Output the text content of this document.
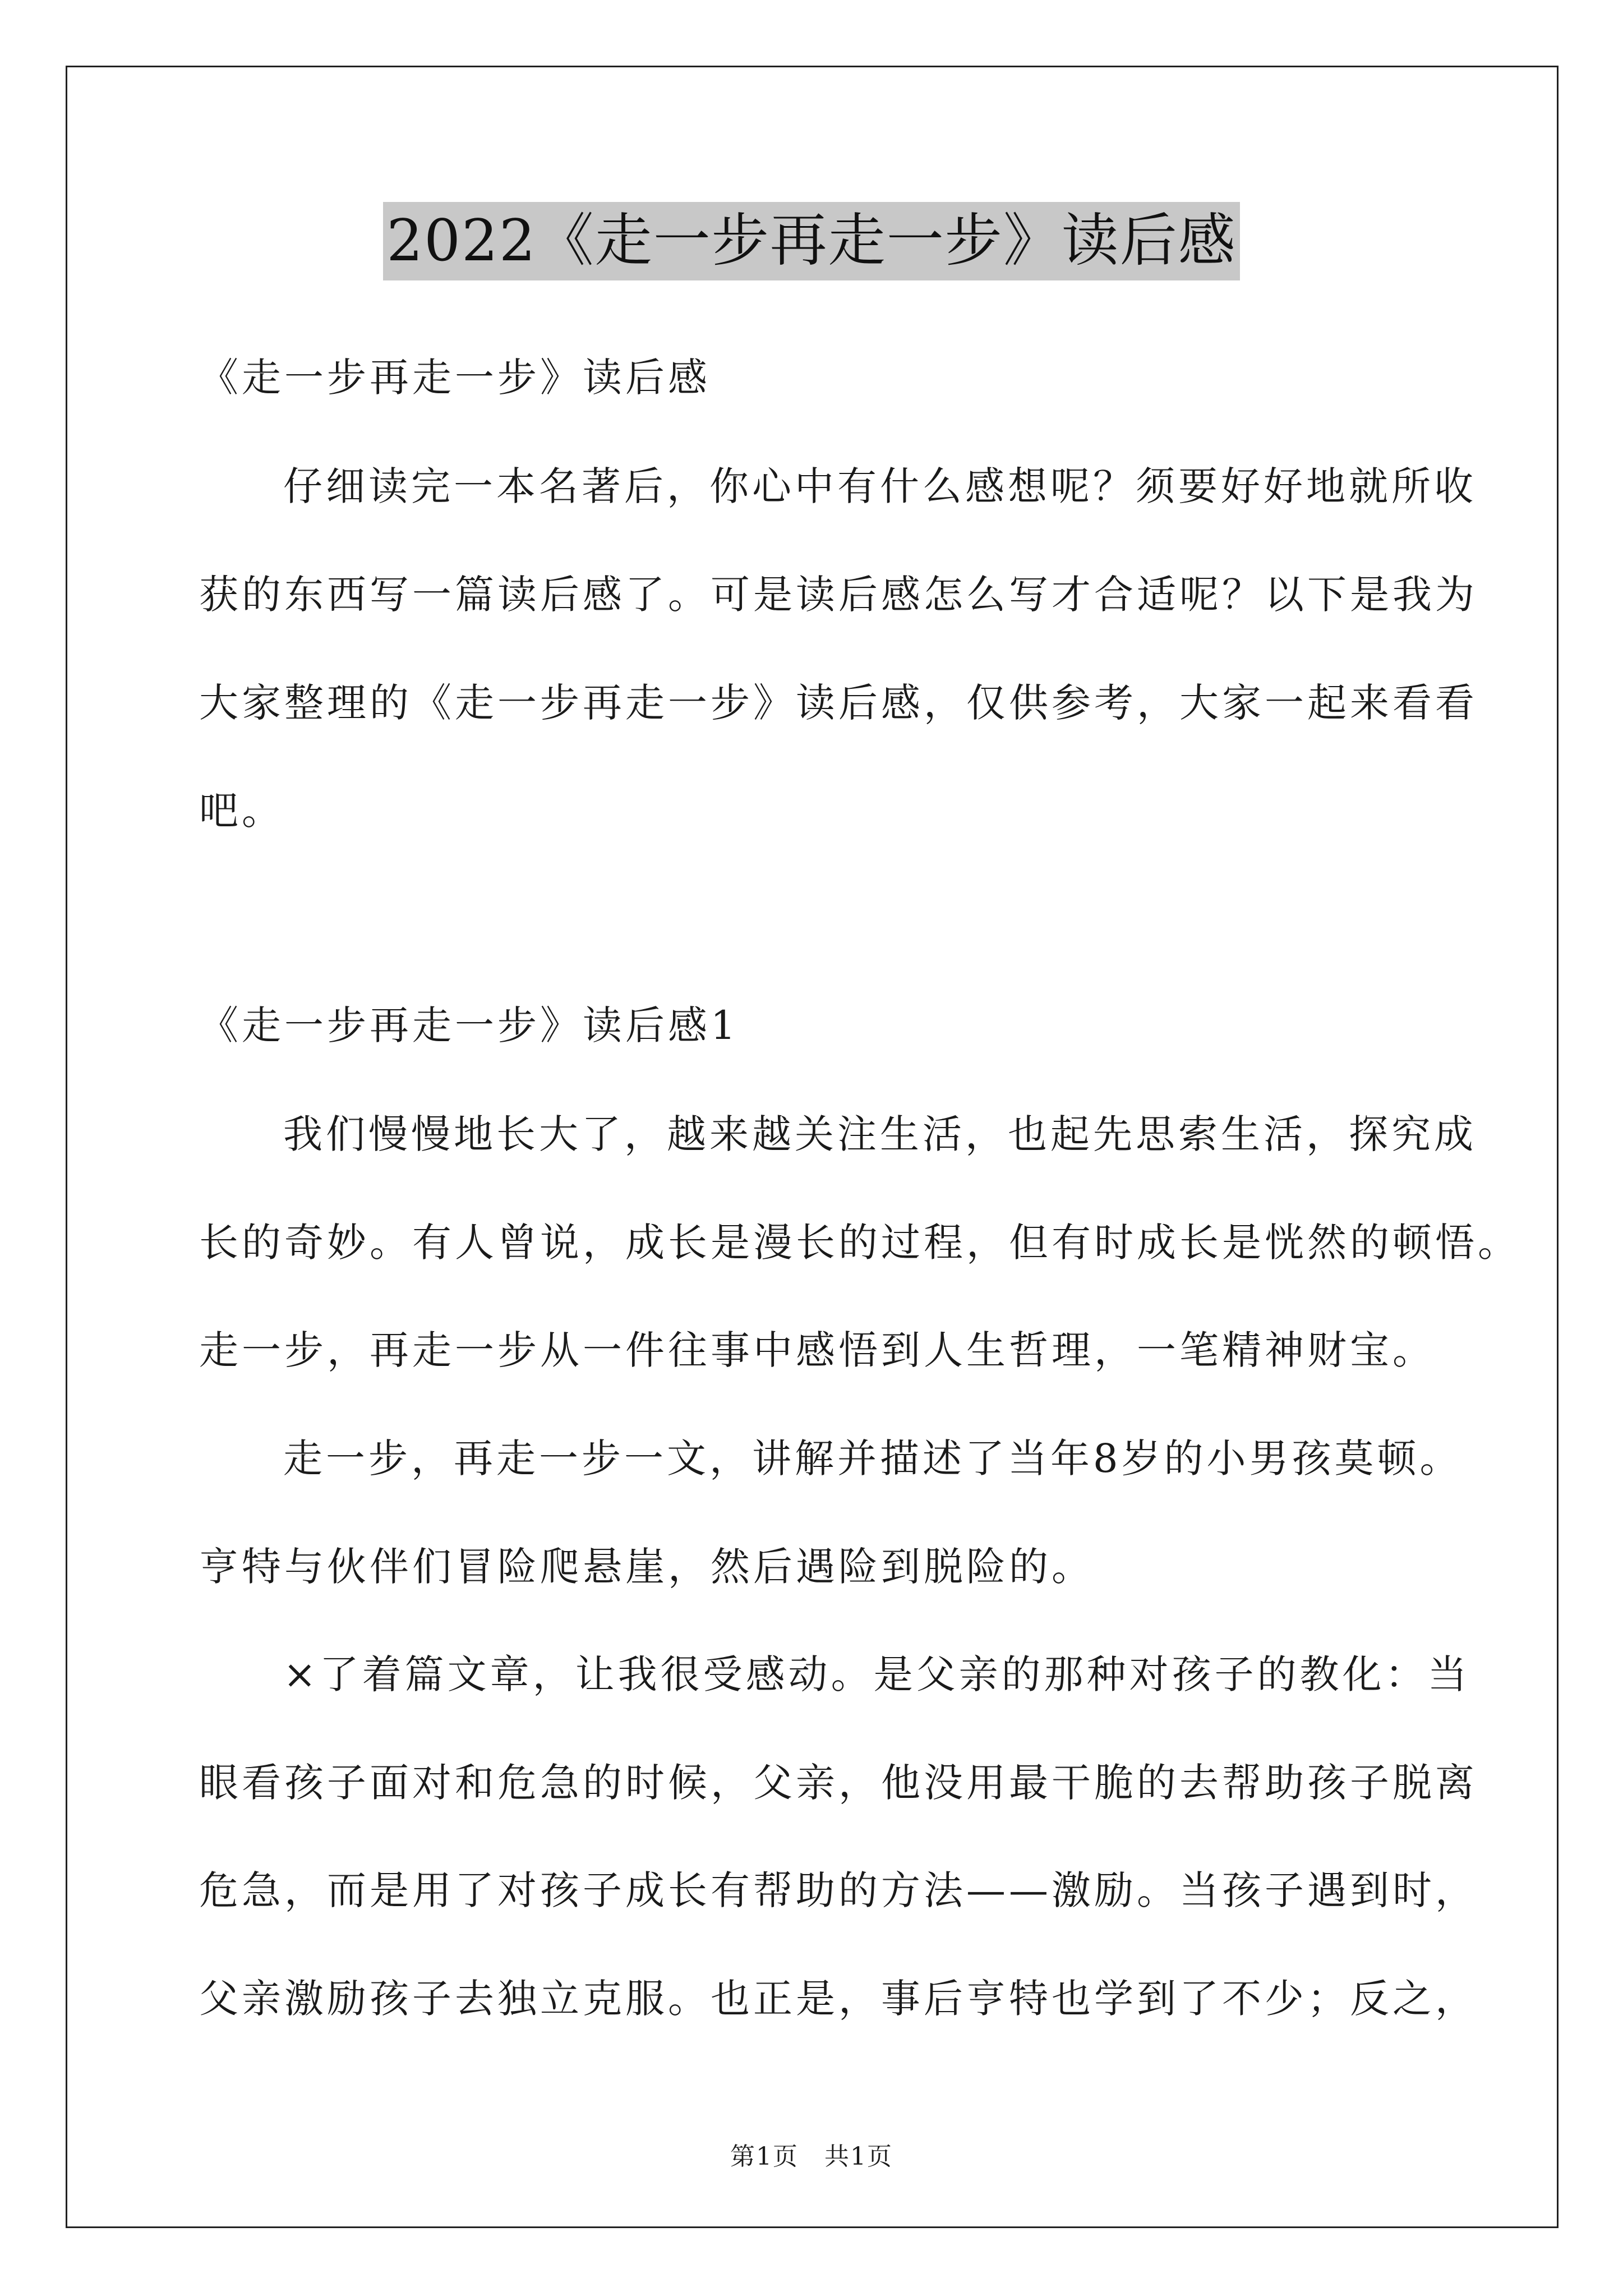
2022《走一步再走一步》读后感
《走一步再走一步》读后感
仔细读完一本名著后，你心中有什么感想呢？须要好好地就所收
获的东西写一篇读后感了。可是读后感怎么写才合适呢？以下是我为
大家整理的《走一步再走一步》读后感，仅供参考，大家一起来看看
吧。
《走一步再走一步》读后感1
我们慢慢地长大了，越来越关注生活，也起先思索生活，探究成
长的奇妙。有人曾说，成长是漫长的过程，但有时成长是恍然的顿悟。
走一步，再走一步从一件往事中感悟到人生哲理，一笔精神财宝。
走一步，再走一步一文，讲解并描述了当年8岁的小男孩莫顿。
亨特与伙伴们冒险爬悬崖，然后遇险到脱险的。
×了着篇文章，让我很受感动。是父亲的那种对孩子的教化：当
眼看孩子面对和危急的时候，父亲，他没用最干脆的去帮助孩子脱离
危急，而是用了对孩子成长有帮助的方法——激励。当孩子遇到时，
父亲激励孩子去独立克服。也正是，事后亨特也学到了不少；反之，
第1页　共1页
